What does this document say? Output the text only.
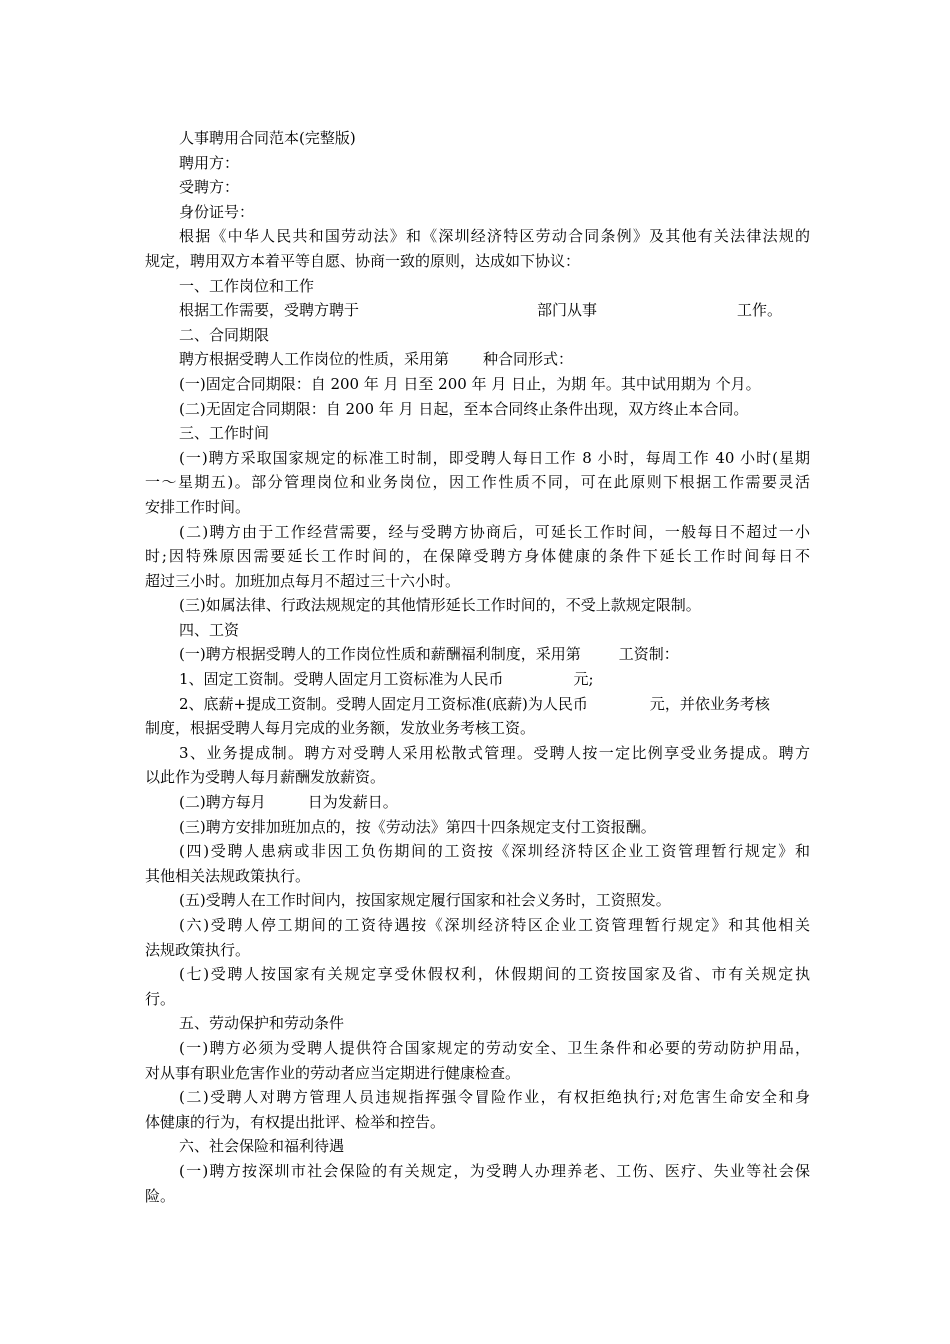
人事聘用合同范本(完整版)
聘用方：
受聘方：
身份证号：
根据《中华人民共和国劳动法》和《深圳经济特区劳动合同条例》及其他有关法律法规的
规定，聘用双方本着平等自愿、协商一致的原则，达成如下协议：
一、工作岗位和工作
根据工作需要，受聘方聘于	部门从事	工作。
二、合同期限
聘方根据受聘人工作岗位的性质，采用第 种合同形式：
(一)固定合同期限：自 200 年 月 日至 200 年 月 日止，为期 年。其中试用期为 个月。
(二)无固定合同期限：自 200 年 月 日起，至本合同终止条件出现，双方终止本合同。
三、工作时间
(一)聘方采取国家规定的标准工时制，即受聘人每日工作 8 小时，每周工作 40 小时(星期
一～星期五)。部分管理岗位和业务岗位，因工作性质不同，可在此原则下根据工作需要灵活
安排工作时间。
(二)聘方由于工作经营需要，经与受聘方协商后，可延长工作时间，一般每日不超过一小
时;因特殊原因需要延长工作时间的，在保障受聘方身体健康的条件下延长工作时间每日不
超过三小时。加班加点每月不超过三十六小时。
(三)如属法律、行政法规规定的其他情形延长工作时间的，不受上款规定限制。
四、工资
(一)聘方根据受聘人的工作岗位性质和薪酬福利制度，采用第	工资制：
1、固定工资制。受聘人固定月工资标准为人民币	元;
2、底薪+提成工资制。受聘人固定月工资标准(底薪)为人民币	元，并依业务考核
制度，根据受聘人每月完成的业务额，发放业务考核工资。
3、业务提成制。聘方对受聘人采用松散式管理。受聘人按一定比例享受业务提成。聘方
以此作为受聘人每月薪酬发放薪资。
(二)聘方每月	日为发薪日。
(三)聘方安排加班加点的，按《劳动法》第四十四条规定支付工资报酬。
(四)受聘人患病或非因工负伤期间的工资按《深圳经济特区企业工资管理暂行规定》和
其他相关法规政策执行。
(五)受聘人在工作时间内，按国家规定履行国家和社会义务时，工资照发。
(六)受聘人停工期间的工资待遇按《深圳经济特区企业工资管理暂行规定》和其他相关
法规政策执行。
(七)受聘人按国家有关规定享受休假权利，休假期间的工资按国家及省、市有关规定执
行。
五、劳动保护和劳动条件
(一)聘方必须为受聘人提供符合国家规定的劳动安全、卫生条件和必要的劳动防护用品，
对从事有职业危害作业的劳动者应当定期进行健康检查。
(二)受聘人对聘方管理人员违规指挥强令冒险作业，有权拒绝执行;对危害生命安全和身
体健康的行为，有权提出批评、检举和控告。
六、社会保险和福利待遇
(一)聘方按深圳市社会保险的有关规定，为受聘人办理养老、工伤、医疗、失业等社会保
险。
